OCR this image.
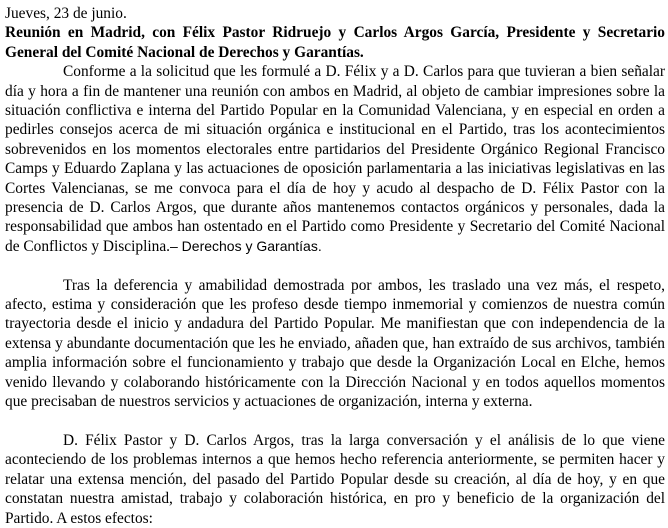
Jueves, 23 de junio.

Reunión en Madrid, con Félix Pastor Ridruejo y Carlos Argos García, Presidente y Secretario General del Comité Nacional de Derechos y Garantías.

Conforme a la solicitud que les formulé a D. Félix y a D. Carlos para que tuvieran a bien señalar día y hora a fin de mantener una reunión con ambos en Madrid, al objeto de cambiar impresiones sobre la situación conflictiva e interna del Partido Popular en la Comunidad Valenciana, y en especial en orden a pedirles consejos acerca de mi situación orgánica e institucional en el Partido, tras los acontecimientos sobrevenidos en los momentos electorales entre partidarios del Presidente Orgánico Regional Francisco Camps y Eduardo Zaplana y las actuaciones de oposición parlamentaria a las iniciativas legislativas en las Cortes Valencianas, se me convoca para el día de hoy y acudo al despacho de D. Félix Pastor con la presencia de D. Carlos Argos, que durante años mantenemos contactos orgánicos y personales, dada la responsabilidad que ambos han ostentado en el Partido como Presidente y Secretario del Comité Nacional de Conflictos y Disciplina.– Derechos y Garantías.

Tras la deferencia y amabilidad demostrada por ambos, les traslado una vez más, el respeto, afecto, estima y consideración que les profeso desde tiempo inmemorial y comienzos de nuestra común trayectoria desde el inicio y andadura del Partido Popular. Me manifiestan que con independencia de la extensa y abundante documentación que les he enviado, añaden que, han extraído de sus archivos, también amplia información sobre el funcionamiento y trabajo que desde la Organización Local en Elche, hemos venido llevando y colaborando históricamente con la Dirección Nacional y en todos aquellos momentos que precisaban de nuestros servicios y actuaciones de organización, interna y externa.

D. Félix Pastor y D. Carlos Argos, tras la larga conversación y el análisis de lo que viene aconteciendo de los problemas internos a que hemos hecho referencia anteriormente, se permiten hacer y relatar una extensa mención, del pasado del Partido Popular desde su creación, al día de hoy, y en que constatan nuestra amistad, trabajo y colaboración histórica, en pro y beneficio de la organización del Partido. A estos efectos:
